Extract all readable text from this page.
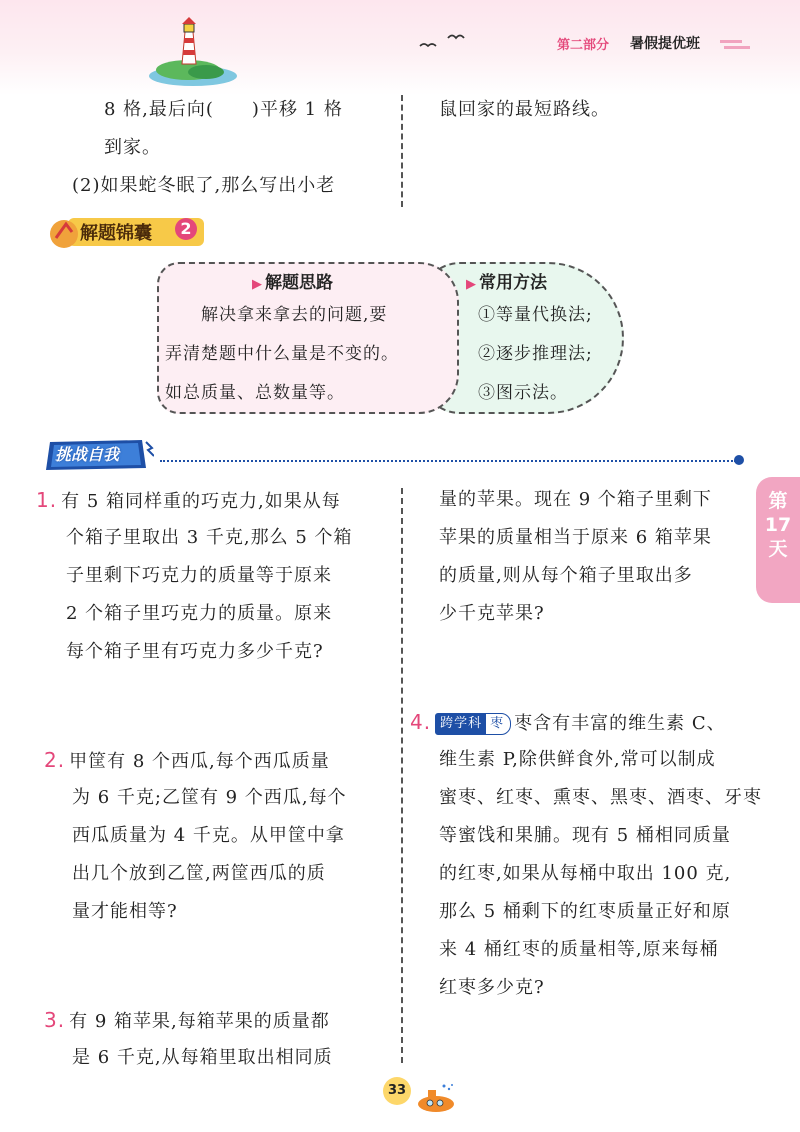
第二部分 暑假提优班
8 格,最后向(　　)平移 1 格
到家。
(2)如果蛇冬眠了,那么写出小老
鼠回家的最短路线。
解题锦囊	2
▶ 解题思路
　　解决拿来拿去的问题,要
弄清楚题中什么量是不变的。
如总质量、总数量等。
▶ 常用方法
①等量代换法;
②逐步推理法;
③图示法。
挑战自我
1. 有 5 箱同样重的巧克力,如果从每
个箱子里取出 3 千克,那么 5 个箱
子里剩下巧克力的质量等于原来
2 个箱子里巧克力的质量。原来
每个箱子里有巧克力多少千克?
2. 甲筐有 8 个西瓜,每个西瓜质量
为 6 千克;乙筐有 9 个西瓜,每个
西瓜质量为 4 千克。从甲筐中拿
出几个放到乙筐,两筐西瓜的质
量才能相等?
3. 有 9 箱苹果,每箱苹果的质量都
是 6 千克,从每箱里取出相同质
量的苹果。现在 9 个箱子里剩下
苹果的质量相当于原来 6 箱苹果
的质量,则从每个箱子里取出多
少千克苹果?
4. 跨学科 枣 枣含有丰富的维生素 C、
维生素 P,除供鲜食外,常可以制成
蜜枣、红枣、熏枣、黑枣、酒枣、牙枣
等蜜饯和果脯。现有 5 桶相同质量
的红枣,如果从每桶中取出 100 克,
那么 5 桶剩下的红枣质量正好和原
来 4 桶红枣的质量相等,原来每桶
红枣多少克?
第
17
天
33
